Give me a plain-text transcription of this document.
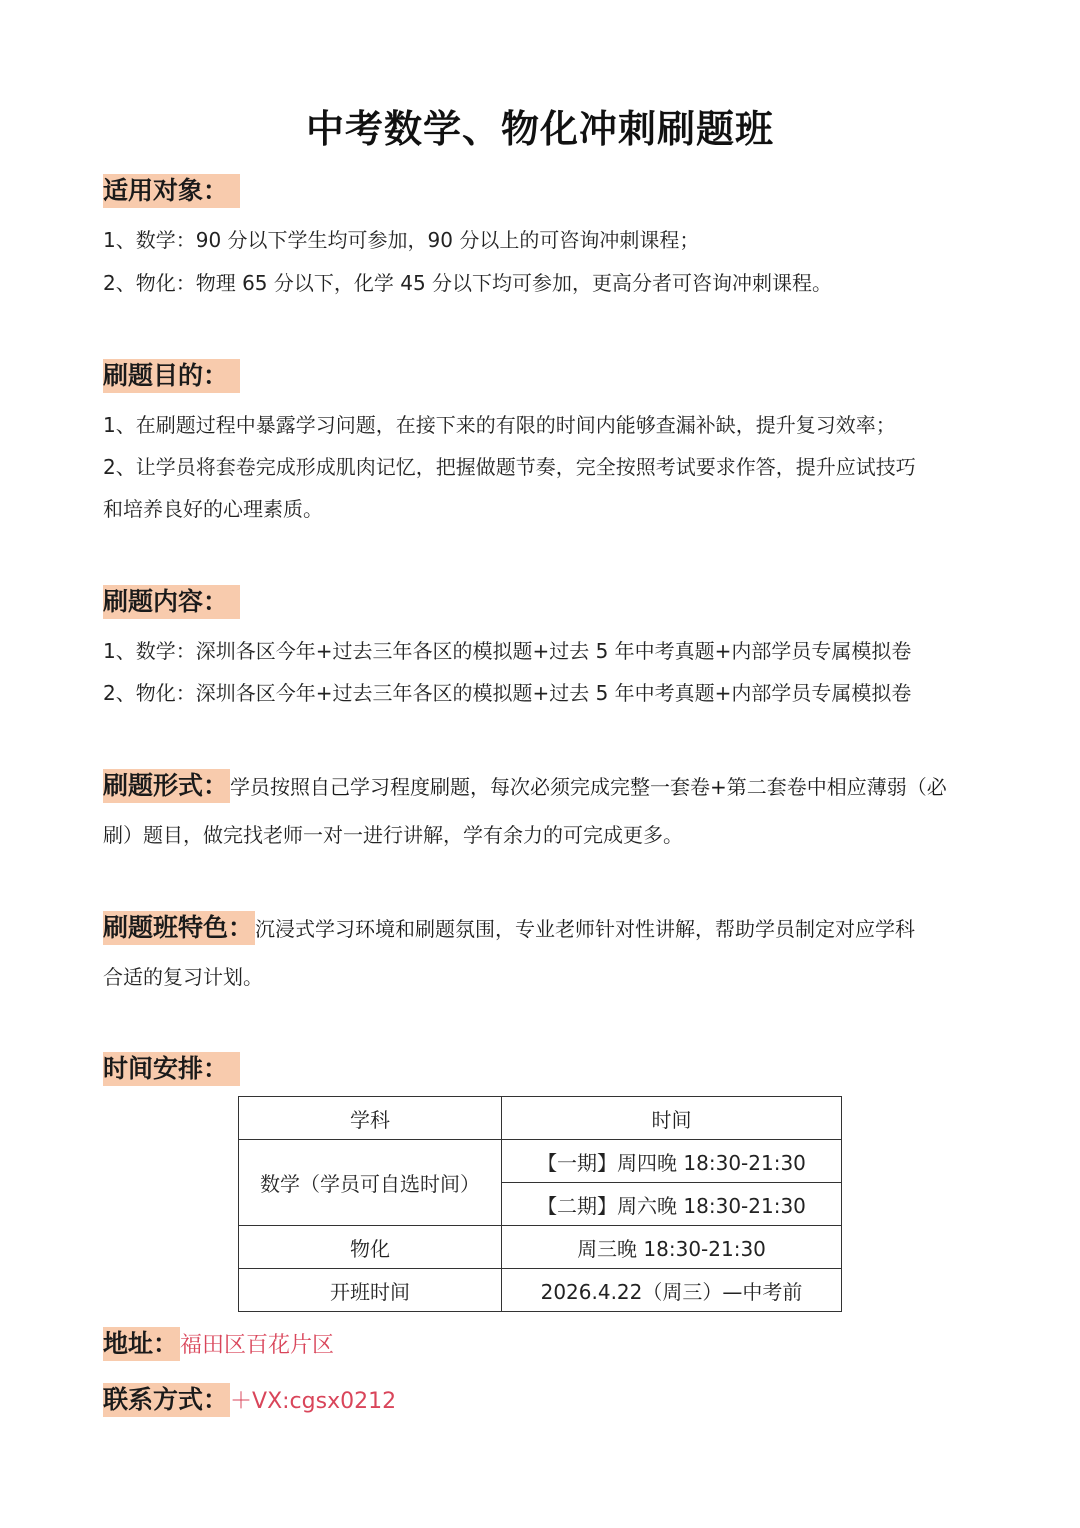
中考数学、物化冲刺刷题班
适用对象：
1、数学：90 分以下学生均可参加，90 分以上的可咨询冲刺课程；
2、物化：物理 65 分以下，化学 45 分以下均可参加，更高分者可咨询冲刺课程。
刷题目的：
1、在刷题过程中暴露学习问题，在接下来的有限的时间内能够查漏补缺，提升复习效率；
2、让学员将套卷完成形成肌肉记忆，把握做题节奏，完全按照考试要求作答，提升应试技巧
和培养良好的心理素质。
刷题内容：
1、数学：深圳各区今年+过去三年各区的模拟题+过去 5 年中考真题+内部学员专属模拟卷
2、物化：深圳各区今年+过去三年各区的模拟题+过去 5 年中考真题+内部学员专属模拟卷
刷题形式： 学员按照自己学习程度刷题，每次必须完成完整一套卷+第二套卷中相应薄弱（必
刷）题目，做完找老师一对一进行讲解，学有余力的可完成更多。
刷题班特色： 沉浸式学习环境和刷题氛围，专业老师针对性讲解，帮助学员制定对应学科
合适的复习计划。
时间安排：
学科	时间
数学（学员可自选时间）	【一期】周四晚 18:30-21:30
	【二期】周六晚 18:30-21:30
物化	周三晚 18:30-21:30
开班时间	2026.4.22（周三）—中考前
地址：福田区百花片区
联系方式：＋VX:cgsx0212
